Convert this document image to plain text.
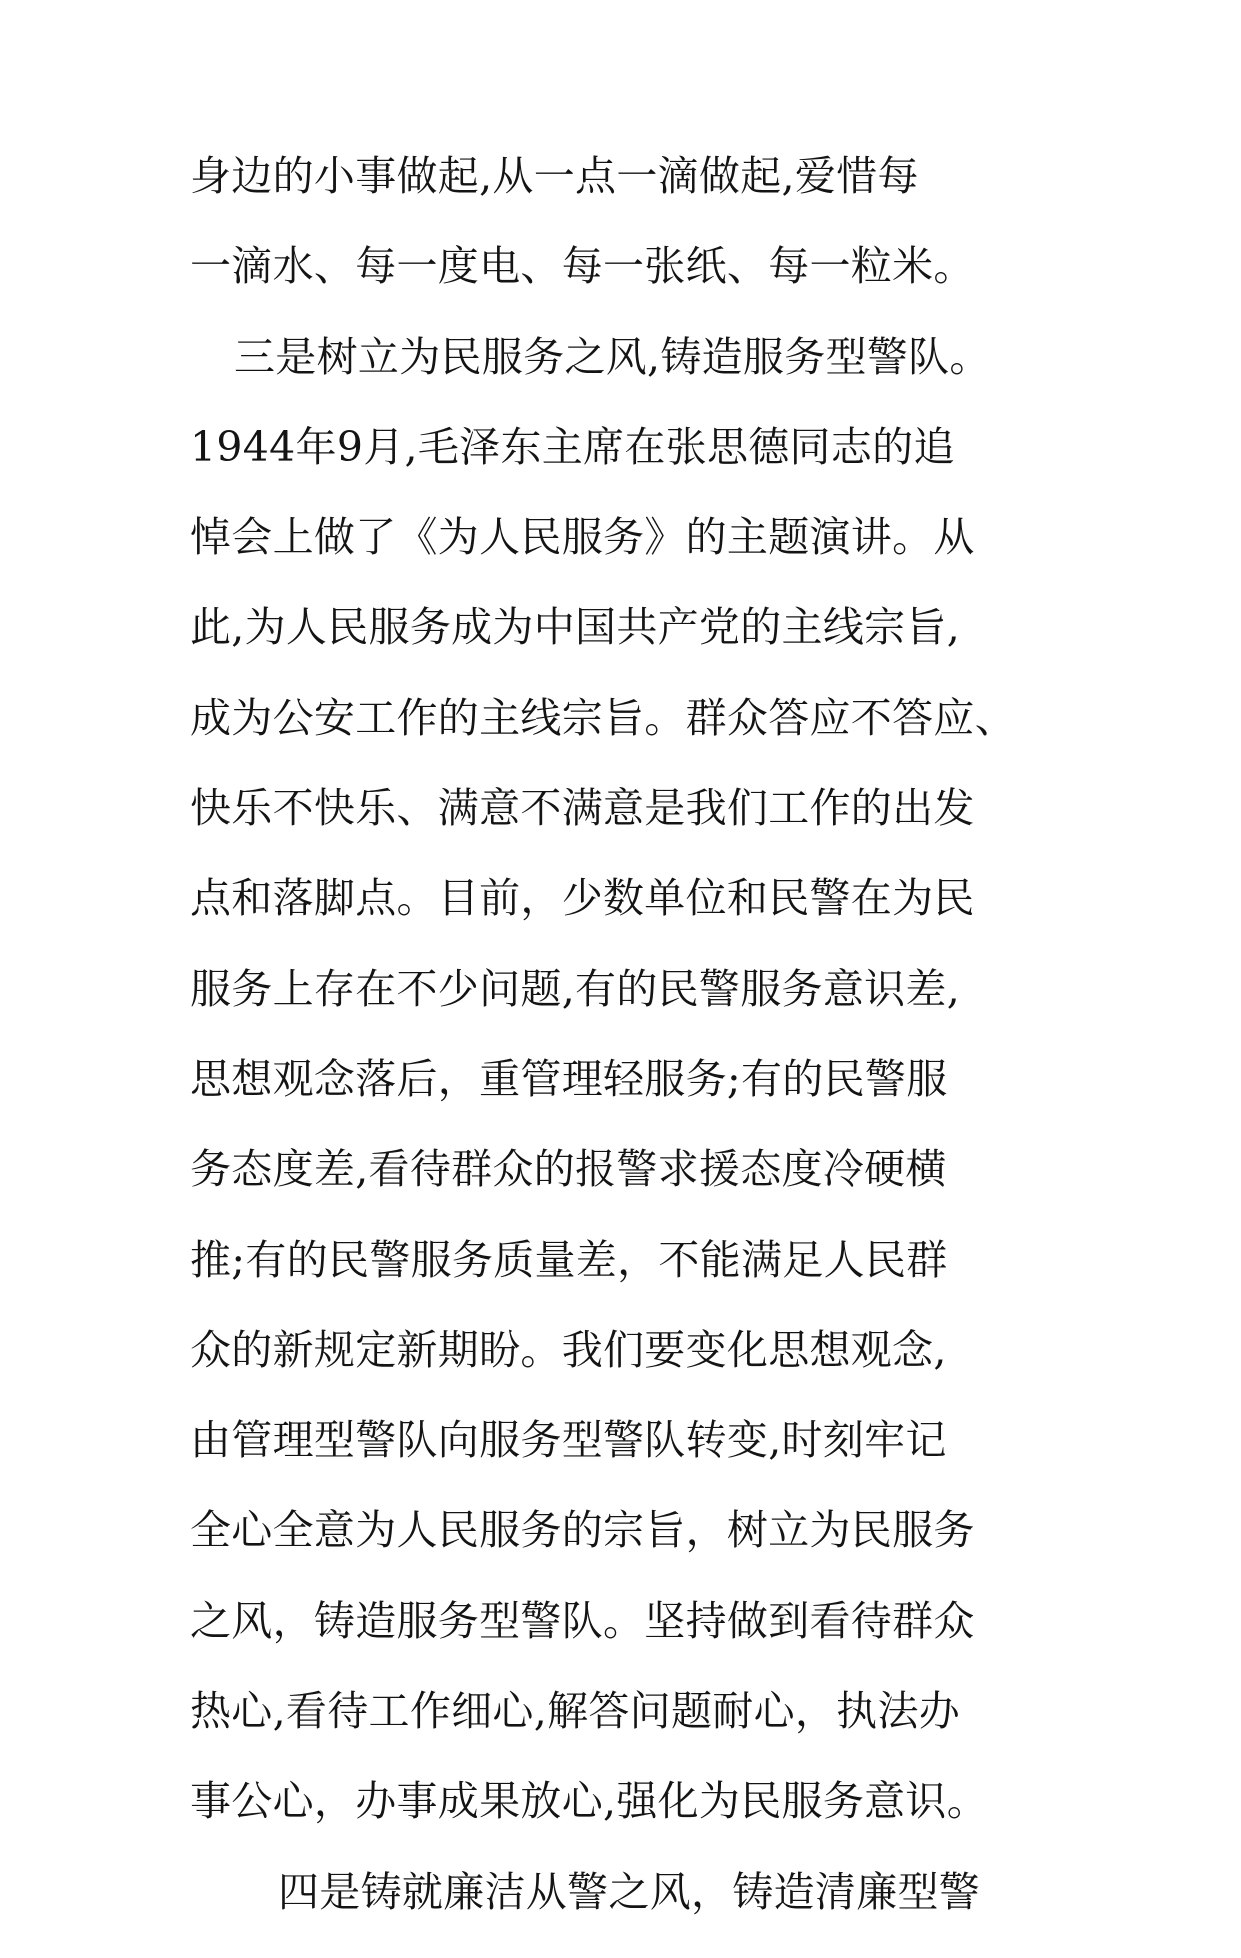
身边的小事做起,从一点一滴做起,爱惜每
一滴水、每一度电、每一张纸、每一粒米。
三是树立为民服务之风,铸造服务型警队。
1944年9月,毛泽东主席在张思德同志的追
悼会上做了《为人民服务》的主题演讲。从
此,为人民服务成为中国共产党的主线宗旨,
成为公安工作的主线宗旨。群众答应不答应、
快乐不快乐、满意不满意是我们工作的出发
点和落脚点。目前，少数单位和民警在为民
服务上存在不少问题,有的民警服务意识差,
思想观念落后，重管理轻服务;有的民警服
务态度差,看待群众的报警求援态度冷硬横
推;有的民警服务质量差，不能满足人民群
众的新规定新期盼。我们要变化思想观念,
由管理型警队向服务型警队转变,时刻牢记
全心全意为人民服务的宗旨，树立为民服务
之风，铸造服务型警队。坚持做到看待群众
热心,看待工作细心,解答问题耐心，执法办
事公心，办事成果放心,强化为民服务意识。
四是铸就廉洁从警之风，铸造清廉型警
